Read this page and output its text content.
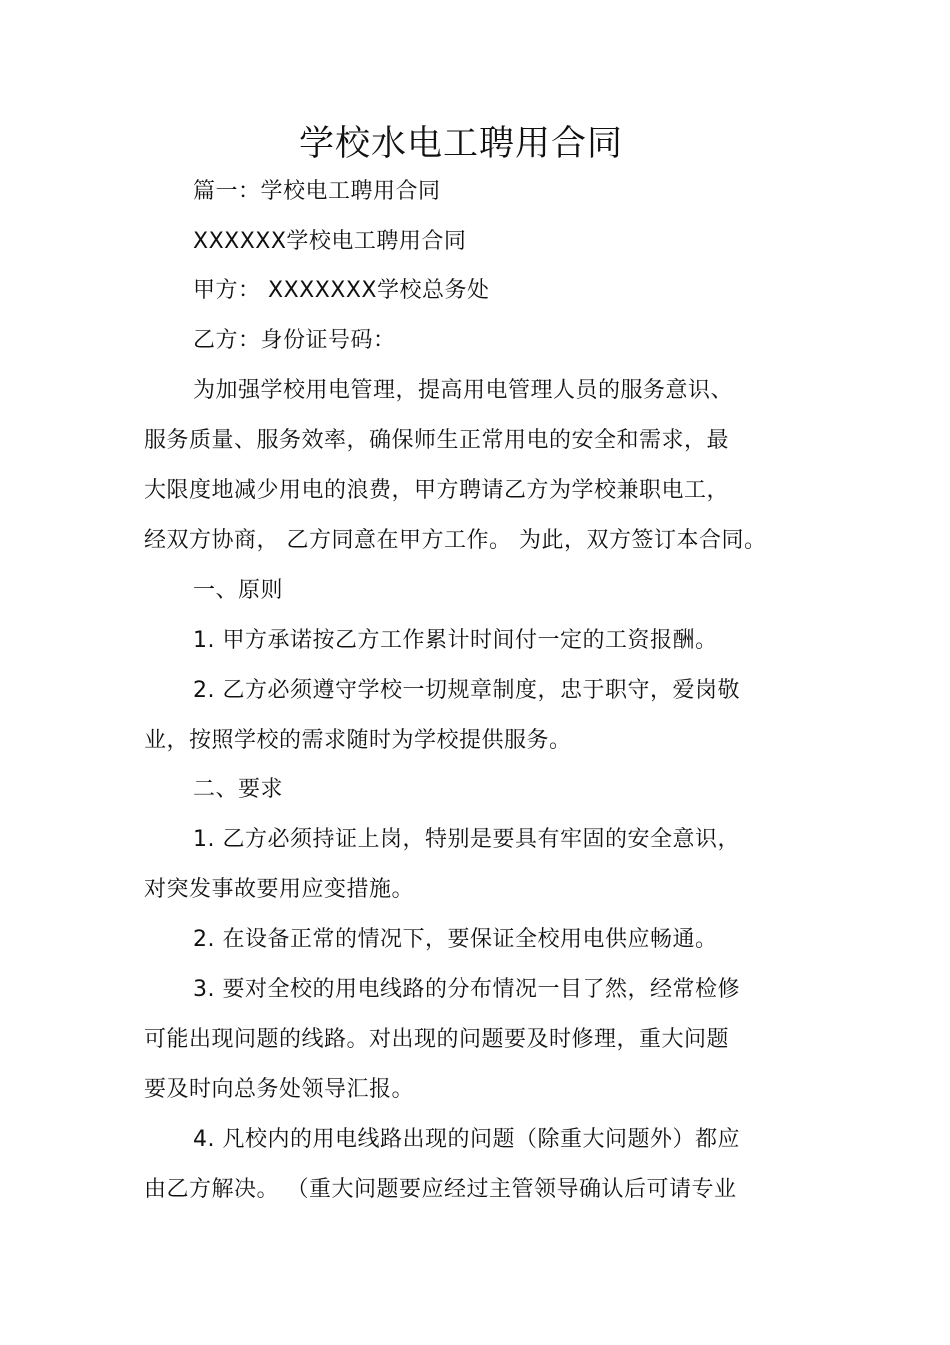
学校水电工聘用合同
篇一：学校电工聘用合同
XXXXXX学校电工聘用合同
甲方： XXXXXXX学校总务处
乙方：身份证号码：
为加强学校用电管理，提高用电管理人员的服务意识、
服务质量、服务效率，确保师生正常用电的安全和需求，最
大限度地减少用电的浪费，甲方聘请乙方为学校兼职电工，
经双方协商， 乙方同意在甲方工作。 为此，双方签订本合同。
一、原则
1. 甲方承诺按乙方工作累计时间付一定的工资报酬。
2. 乙方必须遵守学校一切规章制度，忠于职守，爱岗敬
业，按照学校的需求随时为学校提供服务。
二、要求
1. 乙方必须持证上岗，特别是要具有牢固的安全意识，
对突发事故要用应变措施。
2. 在设备正常的情况下，要保证全校用电供应畅通。
3. 要对全校的用电线路的分布情况一目了然，经常检修
可能出现问题的线路。对出现的问题要及时修理，重大问题
要及时向总务处领导汇报。
4. 凡校内的用电线路出现的问题（除重大问题外）都应
由乙方解决。 （重大问题要应经过主管领导确认后可请专业
